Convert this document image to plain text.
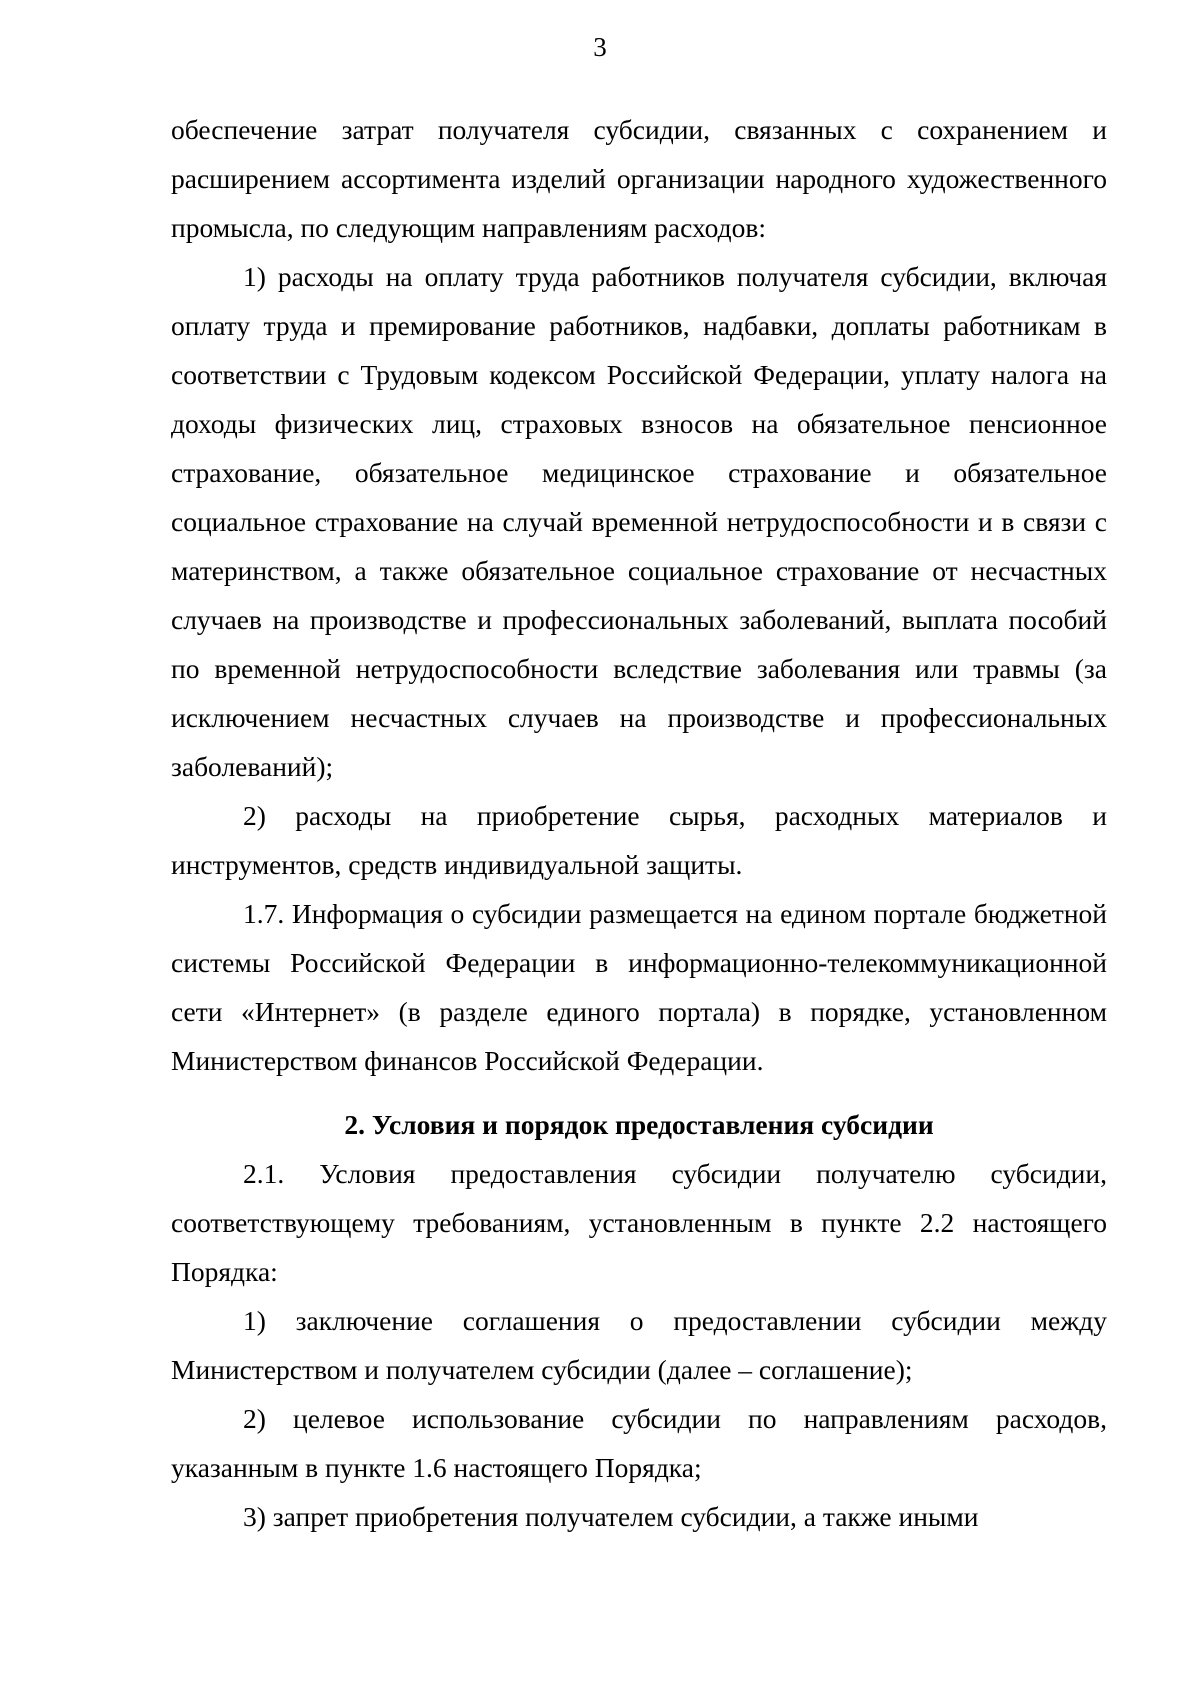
3

обеспечение затрат получателя субсидии, связанных с сохранением и расширением ассортимента изделий организации народного художественного промысла, по следующим направлениям расходов:

1) расходы на оплату труда работников получателя субсидии, включая оплату труда и премирование работников, надбавки, доплаты работникам в соответствии с Трудовым кодексом Российской Федерации, уплату налога на доходы физических лиц, страховых взносов на обязательное пенсионное страхование, обязательное медицинское страхование и обязательное социальное страхование на случай временной нетрудоспособности и в связи с материнством, а также обязательное социальное страхование от несчастных случаев на производстве и профессиональных заболеваний, выплата пособий по временной нетрудоспособности вследствие заболевания или травмы (за исключением несчастных случаев на производстве и профессиональных заболеваний);

2) расходы на приобретение сырья, расходных материалов и инструментов, средств индивидуальной защиты.

1.7. Информация о субсидии размещается на едином портале бюджетной системы Российской Федерации в информационно-телекоммуникационной сети «Интернет» (в разделе единого портала) в порядке, установленном Министерством финансов Российской Федерации.

2. Условия и порядок предоставления субсидии

2.1. Условия предоставления субсидии получателю субсидии, соответствующему требованиям, установленным в пункте 2.2 настоящего Порядка:

1) заключение соглашения о предоставлении субсидии между Министерством и получателем субсидии (далее – соглашение);

2) целевое использование субсидии по направлениям расходов, указанным в пункте 1.6 настоящего Порядка;

3) запрет приобретения получателем субсидии, а также иными
